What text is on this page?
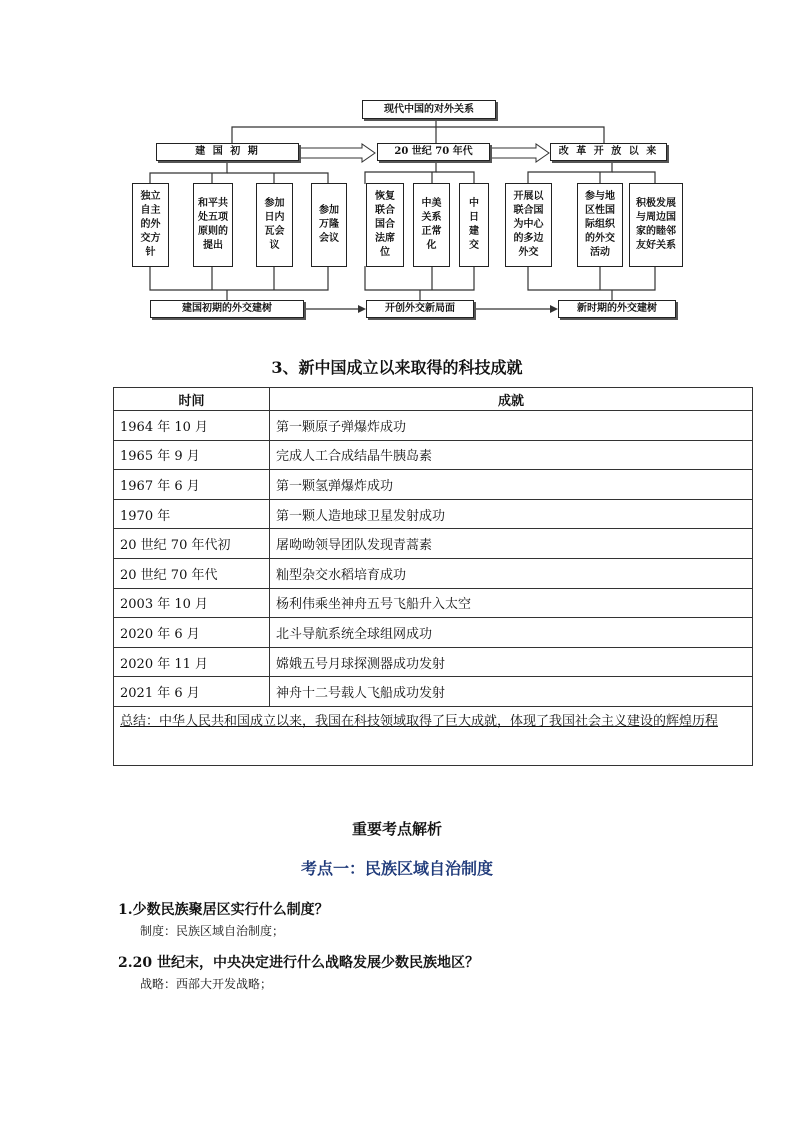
现代中国的对外关系
建 国 初 期	20 世纪 70 年代	改 革 开 放 以 来
独立
自主
的外
交方
针
和平共
处五项
原则的
提出
参加
日内
瓦会
议
参加
万隆
会议
恢复
联合
国合
法席
位
中美
关系
正常
化
中
日
建
交
开展以
联合国
为中心
的多边
外交
参与地
区性国
际组织
的外交
活动
积极发展
与周边国
家的睦邻
友好关系
建国初期的外交建树	开创外交新局面	新时期的外交建树
3、新中国成立以来取得的科技成就
时间	成就
1964 年 10 月	第一颗原子弹爆炸成功
1965 年 9 月	完成人工合成结晶牛胰岛素
1967 年 6 月	第一颗氢弹爆炸成功
1970 年	第一颗人造地球卫星发射成功
20 世纪 70 年代初	屠呦呦领导团队发现青蒿素
20 世纪 70 年代	籼型杂交水稻培育成功
2003 年 10 月	杨利伟乘坐神舟五号飞船升入太空
2020 年 6 月	北斗导航系统全球组网成功
2020 年 11 月	嫦娥五号月球探测器成功发射
2021 年 6 月	神舟十二号载人飞船成功发射
总结：中华人民共和国成立以来，我国在科技领域取得了巨大成就，体现了我国社会主义建设的辉煌历程	
重要考点解析
考点一：民族区域自治制度
1.少数民族聚居区实行什么制度？
制度：民族区域自治制度；
2.20 世纪末，中央决定进行什么战略发展少数民族地区？
战略：西部大开发战略；
